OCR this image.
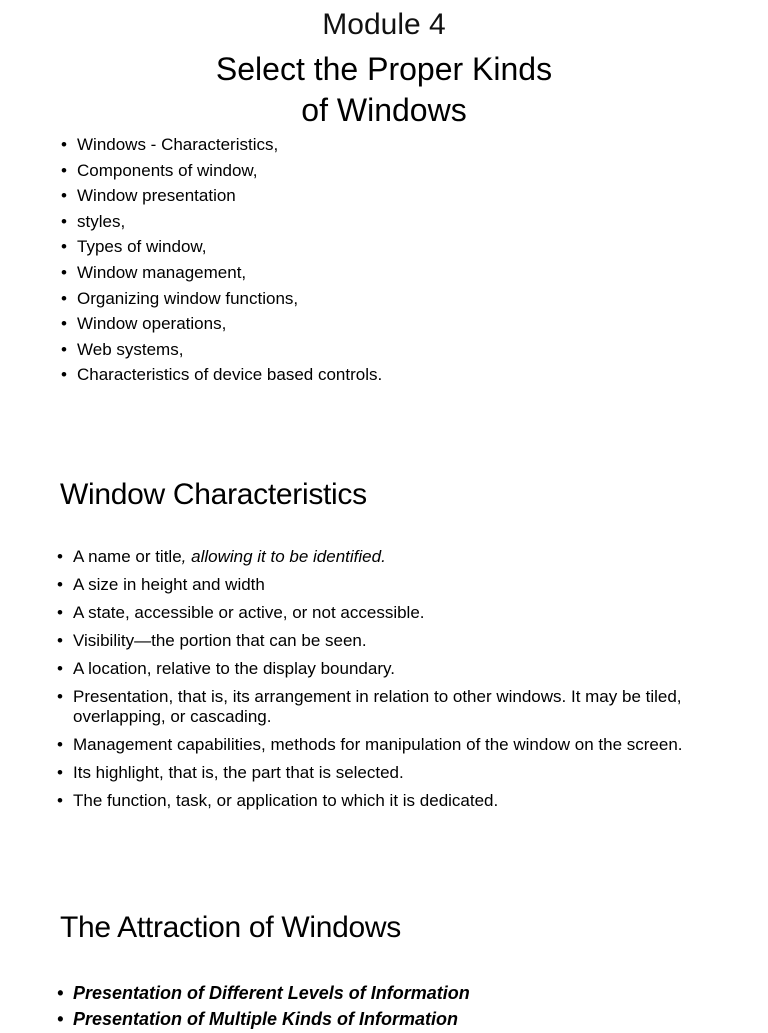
Module 4
Select the Proper Kinds
of Windows
• Windows - Characteristics,
• Components of window,
• Window presentation
• styles,
• Types of window,
• Window management,
• Organizing window functions,
• Window operations,
• Web systems,
• Characteristics of device based controls.
Window Characteristics
• A name or title, allowing it to be identified.
• A size in height and width
• A state, accessible or active, or not accessible.
• Visibility—the portion that can be seen.
• A location, relative to the display boundary.
• Presentation, that is, its arrangement in relation to other windows. It may be tiled, overlapping, or cascading.
• Management capabilities, methods for manipulation of the window on the screen.
• Its highlight, that is, the part that is selected.
• The function, task, or application to which it is dedicated.
The Attraction of Windows
• Presentation of Different Levels of Information
• Presentation of Multiple Kinds of Information
